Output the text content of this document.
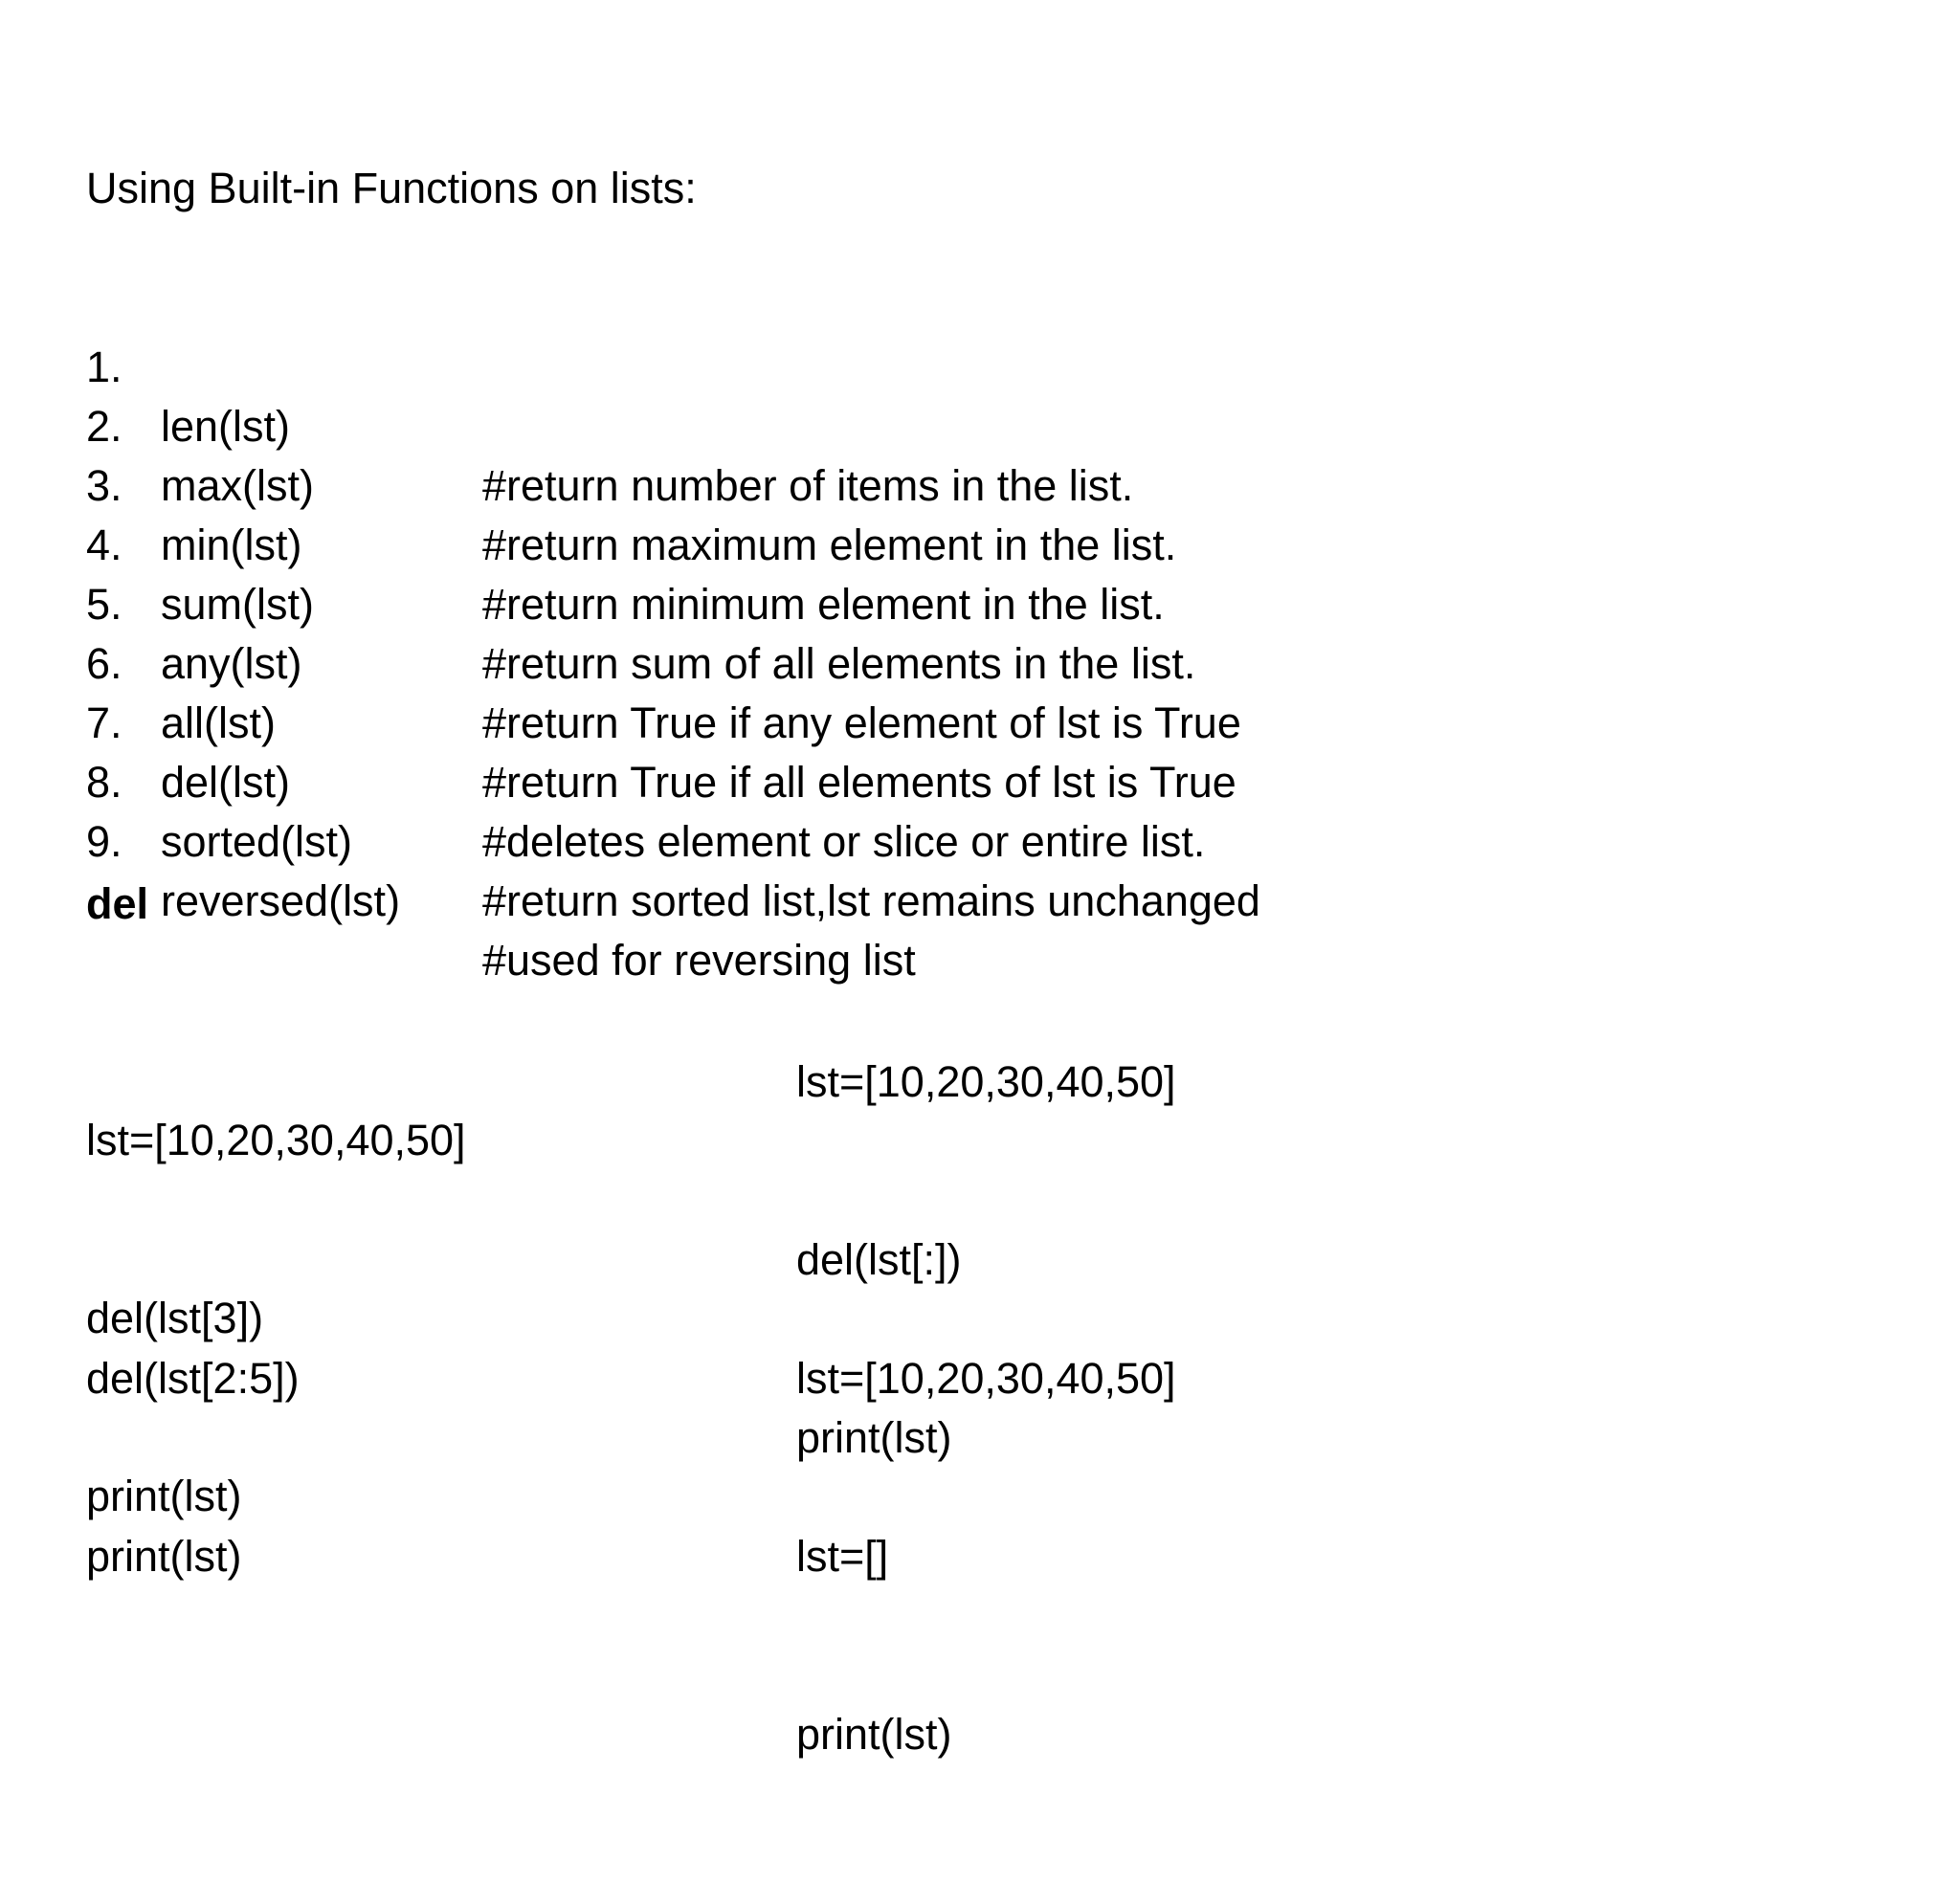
Using Built-in Functions on lists:

1.

len(lst)

#return number of items in the list.

2.

max(lst)

#return maximum element in the list.

3.

min(lst)

#return minimum element in the list.

4.

sum(lst)

#return sum of all elements in the list.

5.

any(lst)

#return True if any element of lst is True

6.

all(lst)

#return True if all elements of lst is True

7.

del(lst)

#deletes element or slice or entire list.

8.

sorted(lst)

#return sorted list,lst remains unchanged

9.

reversed(lst)

#used for reversing list

del

lst=[10,20,30,40,50]

del(lst[3])

print(lst)

del(lst[2:5])

print(lst)

lst=[10,20,30,40,50]

del(lst[:])

print(lst)

lst=[10,20,30,40,50]

lst=[]

print(lst)
